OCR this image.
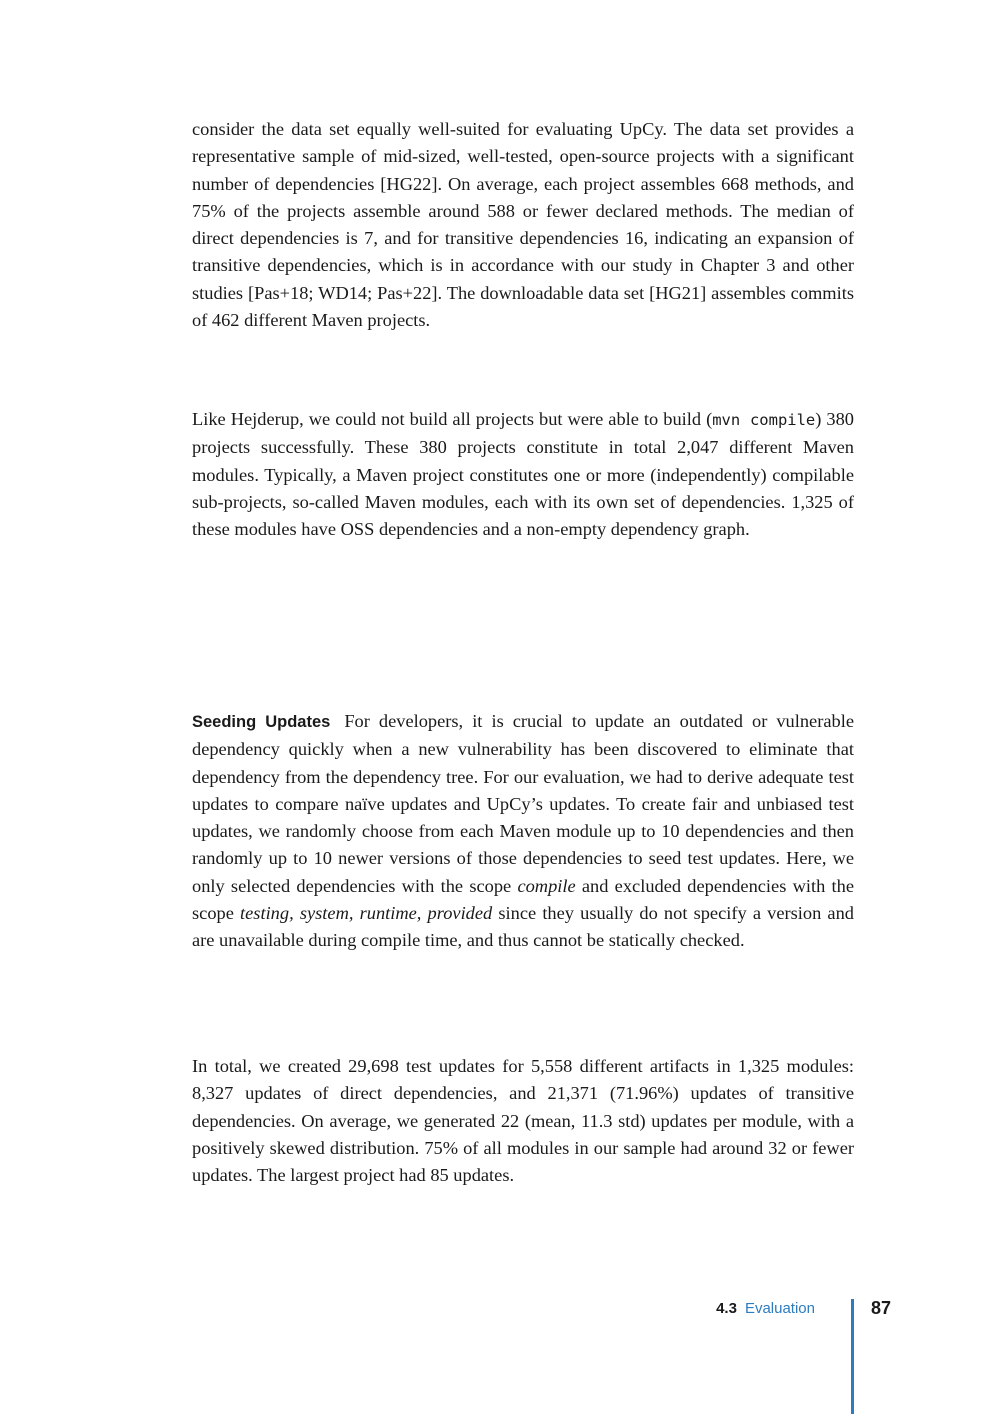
consider the data set equally well-suited for evaluating UpCy. The data set provides a representative sample of mid-sized, well-tested, open-source projects with a significant number of dependencies [HG22]. On average, each project assembles 668 methods, and 75% of the projects assemble around 588 or fewer declared methods. The median of direct dependencies is 7, and for transitive dependencies 16, indicating an expansion of transitive dependencies, which is in accordance with our study in Chapter 3 and other studies [Pas+18; WD14; Pas+22]. The downloadable data set [HG21] assembles commits of 462 different Maven projects.

Like Hejderup, we could not build all projects but were able to build (mvn compile) 380 projects successfully. These 380 projects constitute in total 2,047 different Maven modules. Typically, a Maven project constitutes one or more (independently) compilable sub-projects, so-called Maven modules, each with its own set of dependencies. 1,325 of these modules have OSS dependencies and a non-empty dependency graph.

Seeding Updates For developers, it is crucial to update an outdated or vulnerable dependency quickly when a new vulnerability has been discovered to eliminate that dependency from the dependency tree. For our evaluation, we had to derive adequate test updates to compare naïve updates and UpCy’s updates. To create fair and unbiased test updates, we randomly choose from each Maven module up to 10 dependencies and then randomly up to 10 newer versions of those dependencies to seed test updates. Here, we only selected dependencies with the scope compile and excluded dependencies with the scope testing, system, runtime, provided since they usually do not specify a version and are unavailable during compile time, and thus cannot be statically checked.

In total, we created 29,698 test updates for 5,558 different artifacts in 1,325 modules: 8,327 updates of direct dependencies, and 21,371 (71.96%) updates of transitive dependencies. On average, we generated 22 (mean, 11.3 std) updates per module, with a positively skewed distribution. 75% of all modules in our sample had around 32 or fewer updates. The largest project had 85 updates.

4.3 Evaluation	87
